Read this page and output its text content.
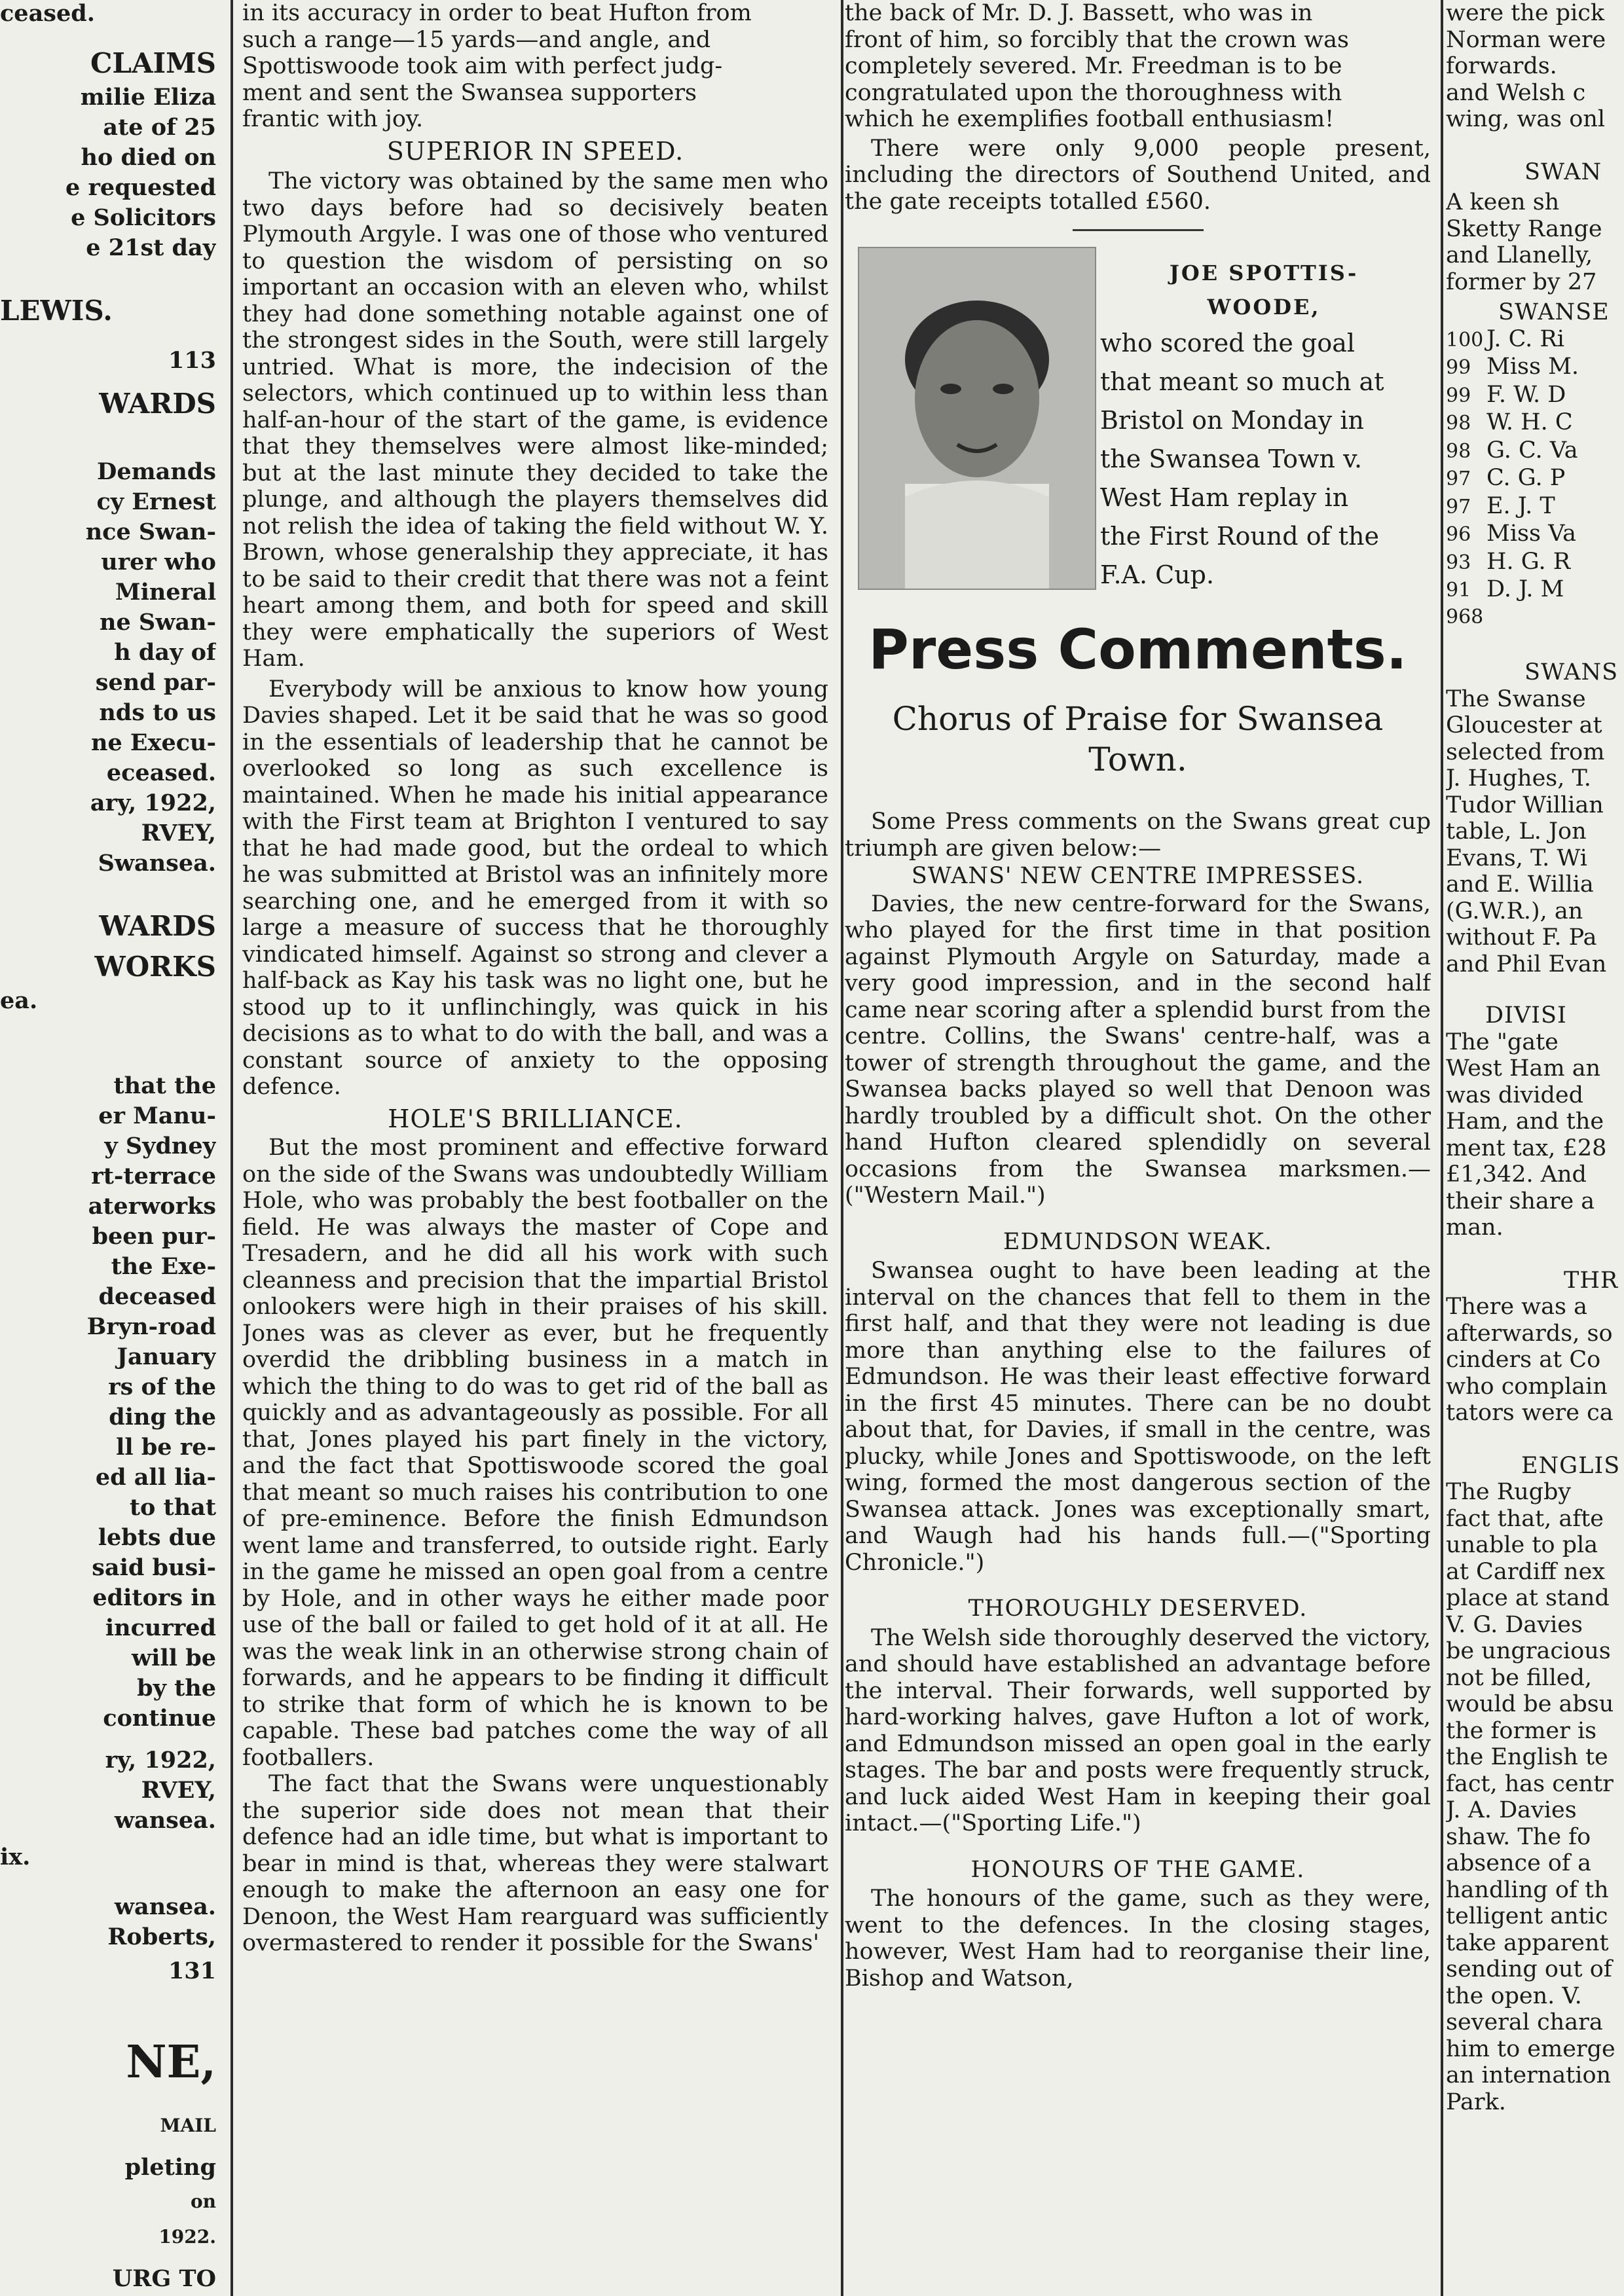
ceased.
CLAIMS
milie Eliza
ate of 25
ho died on
e requested
e Solicitors
e 21st day
LEWIS.
113
WARDS
Demands
cy Ernest
nce Swan-
urer who
Mineral
ne Swan-
h day of
send par-
nds to us
ne Execu-
eceased.
ary, 1922,
RVEY,
Swansea.
WARDS
WORKS
ea.
that the
er Manu-
y Sydney
rt-terrace
aterworks
been pur-
the Exe-
deceased
Bryn-road
January
rs of the
ding the
ll be re-
ed all lia-
to that
lebts due
said busi-
editors in
incurred
will be
by the
continue
ry, 1922,
RVEY,
wansea.
ix.
wansea.
Roberts,
131
NE,
MAIL
pleting
on
1922.
URG TO
in its accuracy in order to beat Hufton from
such a range—15 yards—and angle, and
Spottiswoode took aim with perfect judg-
ment and sent the Swansea supporters
frantic with joy.
SUPERIOR IN SPEED.

The victory was obtained by the same men who two days before had so decisively beaten Plymouth Argyle. I was one of those who ventured to question the wisdom of persisting on so important an occasion with an eleven who, whilst they had done something notable against one of the strongest sides in the South, were still largely untried. What is more, the indecision of the selectors, which continued up to within less than half-an-hour of the start of the game, is evidence that they themselves were almost like-minded; but at the last minute they decided to take the plunge, and although the players themselves did not relish the idea of taking the field without W. Y. Brown, whose generalship they appreciate, it has to be said to their credit that there was not a feint heart among them, and both for speed and skill they were emphatically the superiors of West Ham.

Everybody will be anxious to know how young Davies shaped. Let it be said that he was so good in the essentials of leadership that he cannot be overlooked so long as such excellence is maintained. When he made his initial appearance with the First team at Brighton I ventured to say that he had made good, but the ordeal to which he was submitted at Bristol was an infinitely more searching one, and he emerged from it with so large a measure of success that he thoroughly vindicated himself. Against so strong and clever a half-back as Kay his task was no light one, but he stood up to it unflinchingly, was quick in his decisions as to what to do with the ball, and was a constant source of anxiety to the opposing defence.

HOLE'S BRILLIANCE.

But the most prominent and effective forward on the side of the Swans was undoubtedly William Hole, who was probably the best footballer on the field. He was always the master of Cope and Tresadern, and he did all his work with such cleanness and precision that the impartial Bristol onlookers were high in their praises of his skill. Jones was as clever as ever, but he frequently overdid the dribbling business in a match in which the thing to do was to get rid of the ball as quickly and as advantageously as possible. For all that, Jones played his part finely in the victory, and the fact that Spottiswoode scored the goal that meant so much raises his contribution to one of pre-eminence. Before the finish Edmundson went lame and transferred, to outside right. Early in the game he missed an open goal from a centre by Hole, and in other ways he either made poor use of the ball or failed to get hold of it at all. He was the weak link in an otherwise strong chain of forwards, and he appears to be finding it difficult to strike that form of which he is known to be capable. These bad patches come the way of all footballers.

The fact that the Swans were unquestionably the superior side does not mean that their defence had an idle time, but what is important to bear in mind is that, whereas they were stalwart enough to make the afternoon an easy one for Denoon, the West Ham rearguard was sufficiently overmastered to render it possible for the Swans'

the back of Mr. D. J. Bassett, who was in
front of him, so forcibly that the crown was
completely severed. Mr. Freedman is to be
congratulated upon the thoroughness with
which he exemplifies football enthusiasm!

There were only 9,000 people present, including the directors of Southend United, and the gate receipts totalled £560.

JOE SPOTTIS-WOODE,
who scored the goal
that meant so much at
Bristol on Monday in
the Swansea Town v.
West Ham replay in
the First Round of the
F.A. Cup.
Press Comments.
Chorus of Praise for Swansea Town.

Some Press comments on the Swans great cup triumph are given below:—

SWANS' NEW CENTRE IMPRESSES.

Davies, the new centre-forward for the Swans, who played for the first time in that position against Plymouth Argyle on Saturday, made a very good impression, and in the second half came near scoring after a splendid burst from the centre. Collins, the Swans' centre-half, was a tower of strength throughout the game, and the Swansea backs played so well that Denoon was hardly troubled by a difficult shot. On the other hand Hufton cleared splendidly on several occasions from the Swansea marksmen.—("Western Mail.")

EDMUNDSON WEAK.

Swansea ought to have been leading at the interval on the chances that fell to them in the first half, and that they were not leading is due more than anything else to the failures of Edmundson. He was their least effective forward in the first 45 minutes. There can be no doubt about that, for Davies, if small in the centre, was plucky, while Jones and Spottiswoode, on the left wing, formed the most dangerous section of the Swansea attack. Jones was exceptionally smart, and Waugh had his hands full.—("Sporting Chronicle.")

THOROUGHLY DESERVED.

The Welsh side thoroughly deserved the victory, and should have established an advantage before the interval. Their forwards, well supported by hard-working halves, gave Hufton a lot of work, and Edmundson missed an open goal in the early stages. The bar and posts were frequently struck, and luck aided West Ham in keeping their goal intact.—("Sporting Life.")

HONOURS OF THE GAME.

The honours of the game, such as they were, went to the defences. In the closing stages, however, West Ham had to reorganise their line, Bishop and Watson,

were the pick
Norman were
forwards.
and Welsh c
wing, was onl
SWAN
A keen sh
Sketty Range
and Llanelly,
former by 27
SWANSE
100 J. C. Ri
99 Miss M.
99 F. W. D
98 W. H. C
98 G. C. Va
97 C. G. P
97 E. J. T
96 Miss Va
93 H. G. R
91 D. J. M
968
SWANS
The Swanse
Gloucester at
selected from
J. Hughes, T.
Tudor Willian
table, L. Jon
Evans, T. Wi
and E. Willia
(G.W.R.), an
without F. Pa
and Phil Evan
DIVISI
The "gate
West Ham an
was divided
Ham, and the
ment tax, £28
£1,342. And
their share a
man.
THR
There was a
afterwards, so
cinders at Co
who complain
tators were ca
ENGLIS
The Rugby
fact that, afte
unable to pla
at Cardiff nex
place at stand
V. G. Davies
be ungracious
not be filled,
would be absu
the former is
the English te
fact, has centr
J. A. Davies
shaw. The fo
absence of a
handling of th
telligent antic
take apparent
sending out of
the open. V.
several chara
him to emerge
an internation
Park.
